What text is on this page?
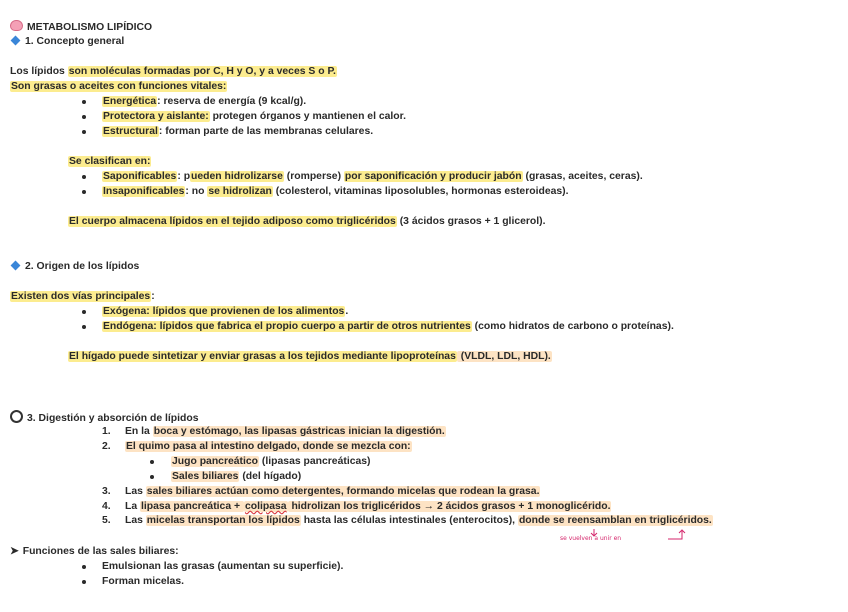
METABOLISMO LIPÍDICO
1. Concepto general
Los lípidos son moléculas formadas por C, H y O, y a veces S o P.
Son grasas o aceites con funciones vitales:
Energética: reserva de energía (9 kcal/g).
Protectora y aislante: protegen órganos y mantienen el calor.
Estructural: forman parte de las membranas celulares.
Se clasifican en:
Saponificables: pueden hidrolizarse (romperse) por saponificación y producir jabón (grasas, aceites, ceras).
Insaponificables: no se hidrolizan (colesterol, vitaminas liposolubles, hormonas esteroideas).
El cuerpo almacena lípidos en el tejido adiposo como triglicéridos (3 ácidos grasos + 1 glicerol).
2. Origen de los lípidos
Existen dos vías principales:
Exógena: lípidos que provienen de los alimentos.
Endógena: lípidos que fabrica el propio cuerpo a partir de otros nutrientes (como hidratos de carbono o proteínas).
El hígado puede sintetizar y enviar grasas a los tejidos mediante lipoproteínas (VLDL, LDL, HDL).
3. Digestión y absorción de lípidos
1. En la boca y estómago, las lipasas gástricas inician la digestión.
2. El quimo pasa al intestino delgado, donde se mezcla con:
Jugo pancreático (lipasas pancreáticas)
Sales biliares (del hígado)
3. Las sales biliares actúan como detergentes, formando micelas que rodean la grasa.
4. La lipasa pancreática + colipasa hidrolizan los triglicéridos → 2 ácidos grasos + 1 monoglicérido.
5. Las micelas transportan los lípidos hasta las células intestinales (enterocitos), donde se reensamblan en triglicéridos.
se vuelven a unir en
➤ Funciones de las sales biliares:
Emulsionan las grasas (aumentan su superficie).
Forman micelas.
